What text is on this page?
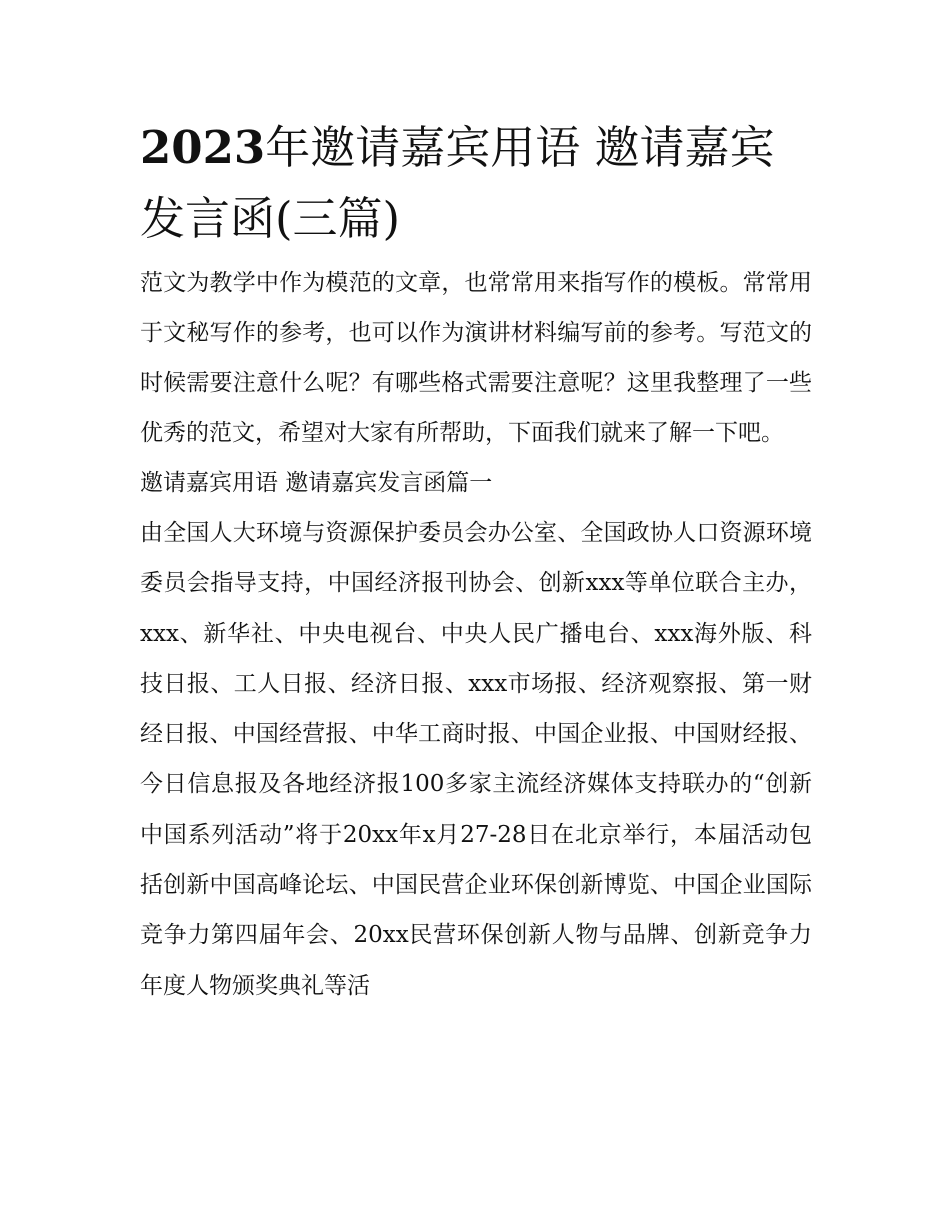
2023年邀请嘉宾用语 邀请嘉宾发言函(三篇)

范文为教学中作为模范的文章，也常常用来指写作的模板。常常用于文秘写作的参考，也可以作为演讲材料编写前的参考。写范文的时候需要注意什么呢？有哪些格式需要注意呢？这里我整理了一些优秀的范文，希望对大家有所帮助，下面我们就来了解一下吧。

邀请嘉宾用语 邀请嘉宾发言函篇一

由全国人大环境与资源保护委员会办公室、全国政协人口资源环境委员会指导支持，中国经济报刊协会、创新xxx等单位联合主办，xxx、新华社、中央电视台、中央人民广播电台、xxx海外版、科技日报、工人日报、经济日报、xxx市场报、经济观察报、第一财经日报、中国经营报、中华工商时报、中国企业报、中国财经报、今日信息报及各地经济报100多家主流经济媒体支持联办的“创新中国系列活动”将于20xx年x月27-28日在北京举行，本届活动包括创新中国高峰论坛、中国民营企业环保创新博览、中国企业国际竞争力第四届年会、20xx民营环保创新人物与品牌、创新竞争力年度人物颁奖典礼等活
